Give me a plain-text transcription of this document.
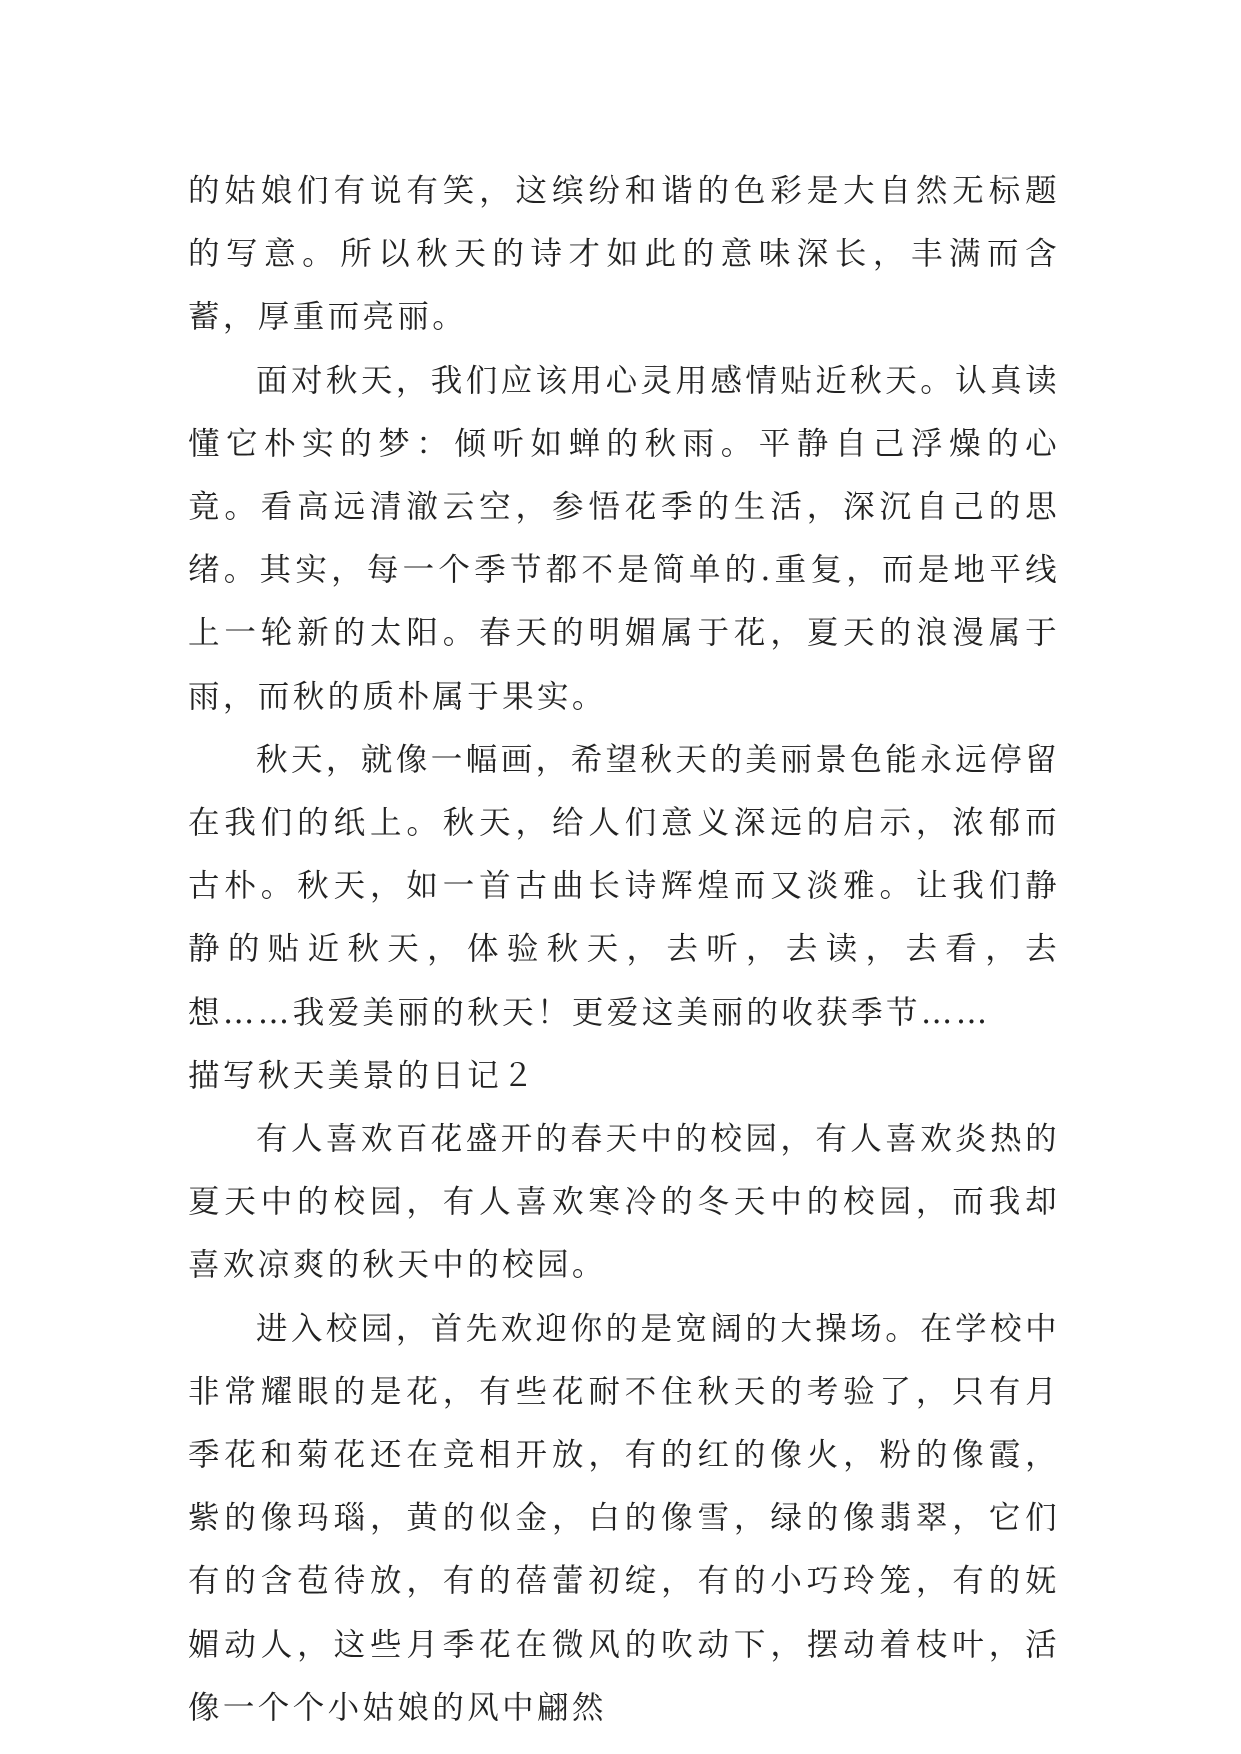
的姑娘们有说有笑，这缤纷和谐的色彩是大自然无标题的写意。所以秋天的诗才如此的意味深长，丰满而含蓄，厚重而亮丽。

面对秋天，我们应该用心灵用感情贴近秋天。认真读懂它朴实的梦：倾听如蝉的秋雨。平静自己浮燥的心竟。看高远清澈云空，参悟花季的生活，深沉自己的思绪。其实，每一个季节都不是简单的.重复，而是地平线上一轮新的太阳。春天的明媚属于花，夏天的浪漫属于雨，而秋的质朴属于果实。

秋天，就像一幅画，希望秋天的美丽景色能永远停留在我们的纸上。秋天，给人们意义深远的启示，浓郁而古朴。秋天，如一首古曲长诗辉煌而又淡雅。让我们静静的贴近秋天，体验秋天，去听，去读，去看，去想……我爱美丽的秋天！更爱这美丽的收获季节……

描写秋天美景的日记２

有人喜欢百花盛开的春天中的校园，有人喜欢炎热的夏天中的校园，有人喜欢寒冷的冬天中的校园，而我却喜欢凉爽的秋天中的校园。

进入校园，首先欢迎你的是宽阔的大操场。在学校中非常耀眼的是花，有些花耐不住秋天的考验了，只有月季花和菊花还在竞相开放，有的红的像火，粉的像霞，紫的像玛瑙，黄的似金，白的像雪，绿的像翡翠，它们有的含苞待放，有的蓓蕾初绽，有的小巧玲笼，有的妩媚动人，这些月季花在微风的吹动下，摆动着枝叶，活像一个个小姑娘的风中翩然
